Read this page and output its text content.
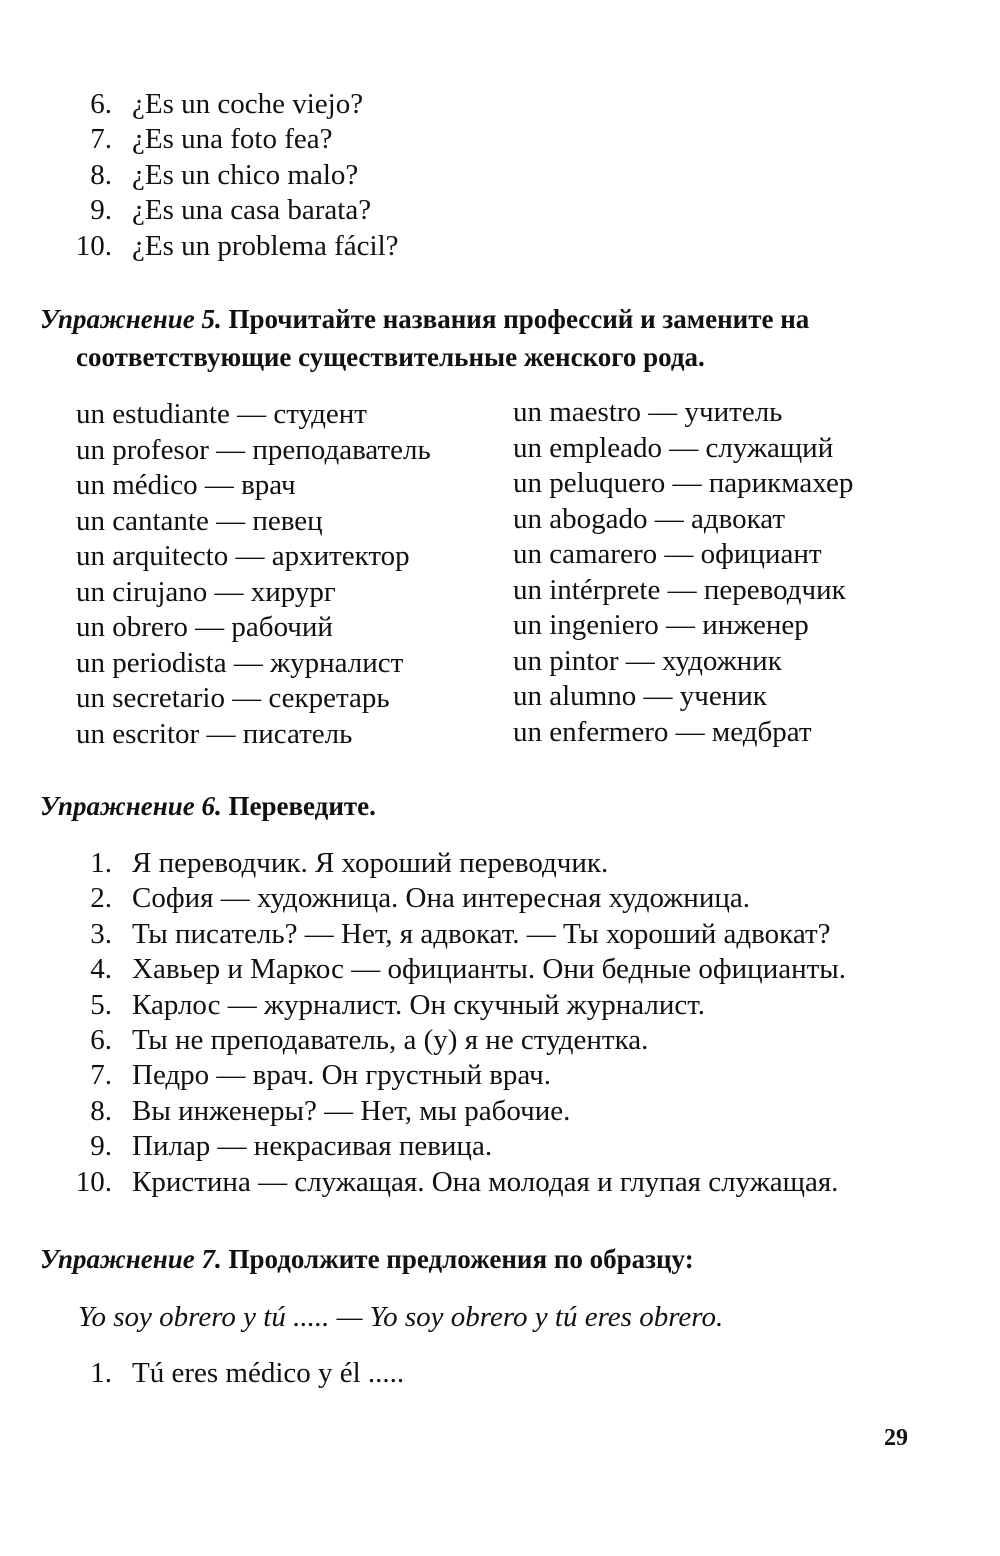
6. ¿Es un coche viejo?
7. ¿Es una foto fea?
8. ¿Es un chico malo?
9. ¿Es una casa barata?
10. ¿Es un problema fácil?
Упражнение 5. Прочитайте названия профессий и замените на
соответствующие существительные женского рода.
un estudiante — студент
un profesor — преподаватель
un médico — врач
un cantante — певец
un arquitecto — архитектор
un cirujano — хирург
un obrero — рабочий
un periodista — журналист
un secretario — секретарь
un escritor — писатель
un maestro — учитель
un empleado — служащий
un peluquero — парикмахер
un abogado — адвокат
un camarero — официант
un intérprete — переводчик
un ingeniero — инженер
un pintor — художник
un alumno — ученик
un enfermero — медбрат
Упражнение 6. Переведите.
1. Я переводчик. Я хороший переводчик.
2. София — художница. Она интересная художница.
3. Ты писатель? — Нет, я адвокат. — Ты хороший адвокат?
4. Хавьер и Маркос — официанты. Они бедные официанты.
5. Карлос — журналист. Он скучный журналист.
6. Ты не преподаватель, а (у) я не студентка.
7. Педро — врач. Он грустный врач.
8. Вы инженеры? — Нет, мы рабочие.
9. Пилар — некрасивая певица.
10. Кристина — служащая. Она молодая и глупая служащая.
Упражнение 7. Продолжите предложения по образцу:
Yo soy obrero y tú ..... — Yo soy obrero y tú eres obrero.
1. Tú eres médico y él .....
29
